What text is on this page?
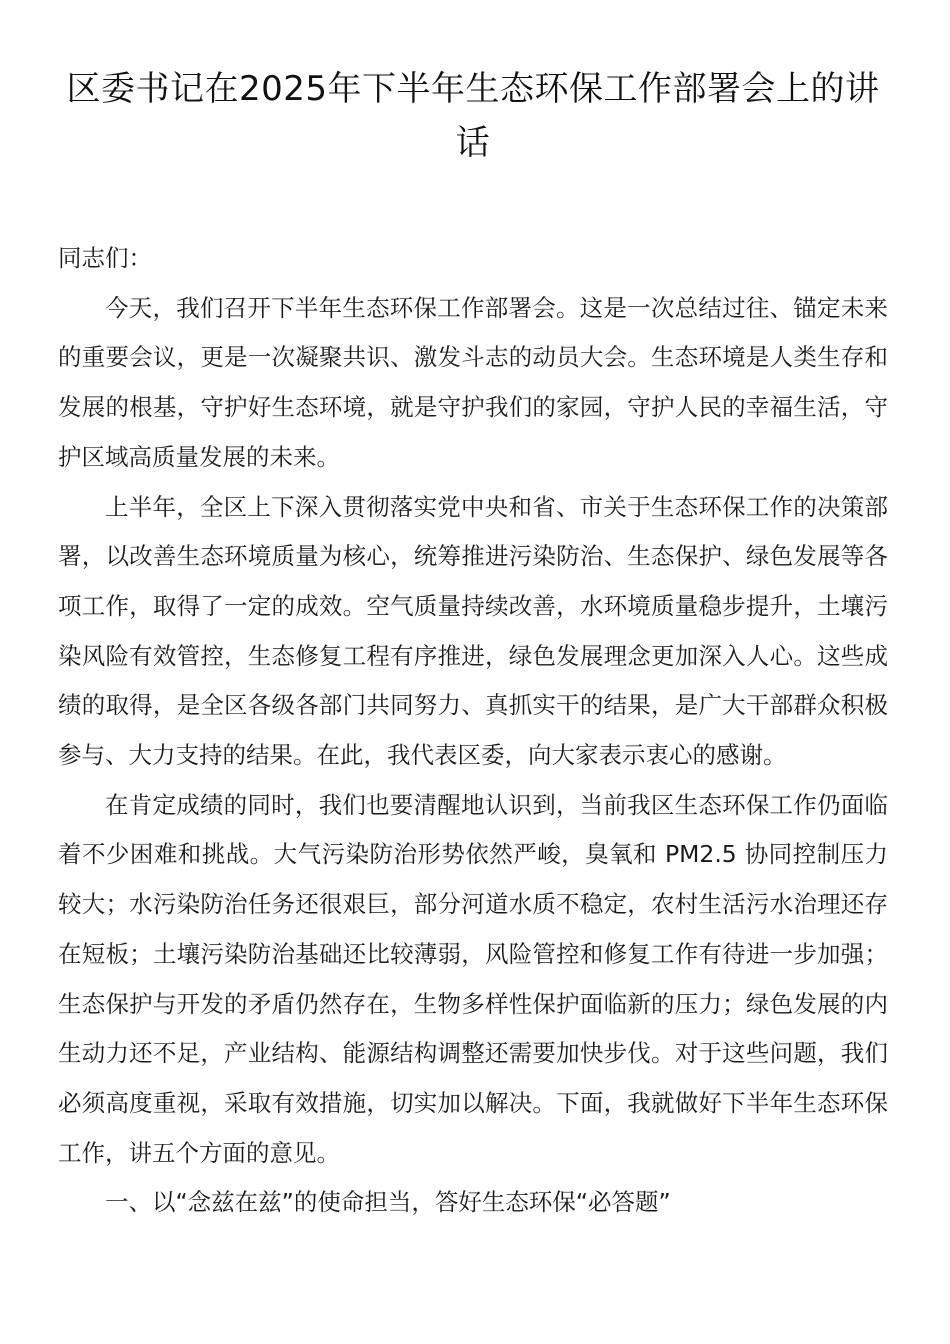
区委书记在2025年下半年生态环保工作部署会上的讲话

同志们：

今天，我们召开下半年生态环保工作部署会。这是一次总结过往、锚定未来的重要会议，更是一次凝聚共识、激发斗志的动员大会。生态环境是人类生存和发展的根基，守护好生态环境，就是守护我们的家园，守护人民的幸福生活，守护区域高质量发展的未来。

上半年，全区上下深入贯彻落实党中央和省、市关于生态环保工作的决策部署，以改善生态环境质量为核心，统筹推进污染防治、生态保护、绿色发展等各项工作，取得了一定的成效。空气质量持续改善，水环境质量稳步提升，土壤污染风险有效管控，生态修复工程有序推进，绿色发展理念更加深入人心。这些成绩的取得，是全区各级各部门共同努力、真抓实干的结果，是广大干部群众积极参与、大力支持的结果。在此，我代表区委，向大家表示衷心的感谢。

在肯定成绩的同时，我们也要清醒地认识到，当前我区生态环保工作仍面临着不少困难和挑战。大气污染防治形势依然严峻，臭氧和 PM2.5 协同控制压力较大；水污染防治任务还很艰巨，部分河道水质不稳定，农村生活污水治理还存在短板；土壤污染防治基础还比较薄弱，风险管控和修复工作有待进一步加强；生态保护与开发的矛盾仍然存在，生物多样性保护面临新的压力；绿色发展的内生动力还不足，产业结构、能源结构调整还需要加快步伐。对于这些问题，我们必须高度重视，采取有效措施，切实加以解决。下面，我就做好下半年生态环保工作，讲五个方面的意见。

一、以“念兹在兹”的使命担当，答好生态环保“必答题”
